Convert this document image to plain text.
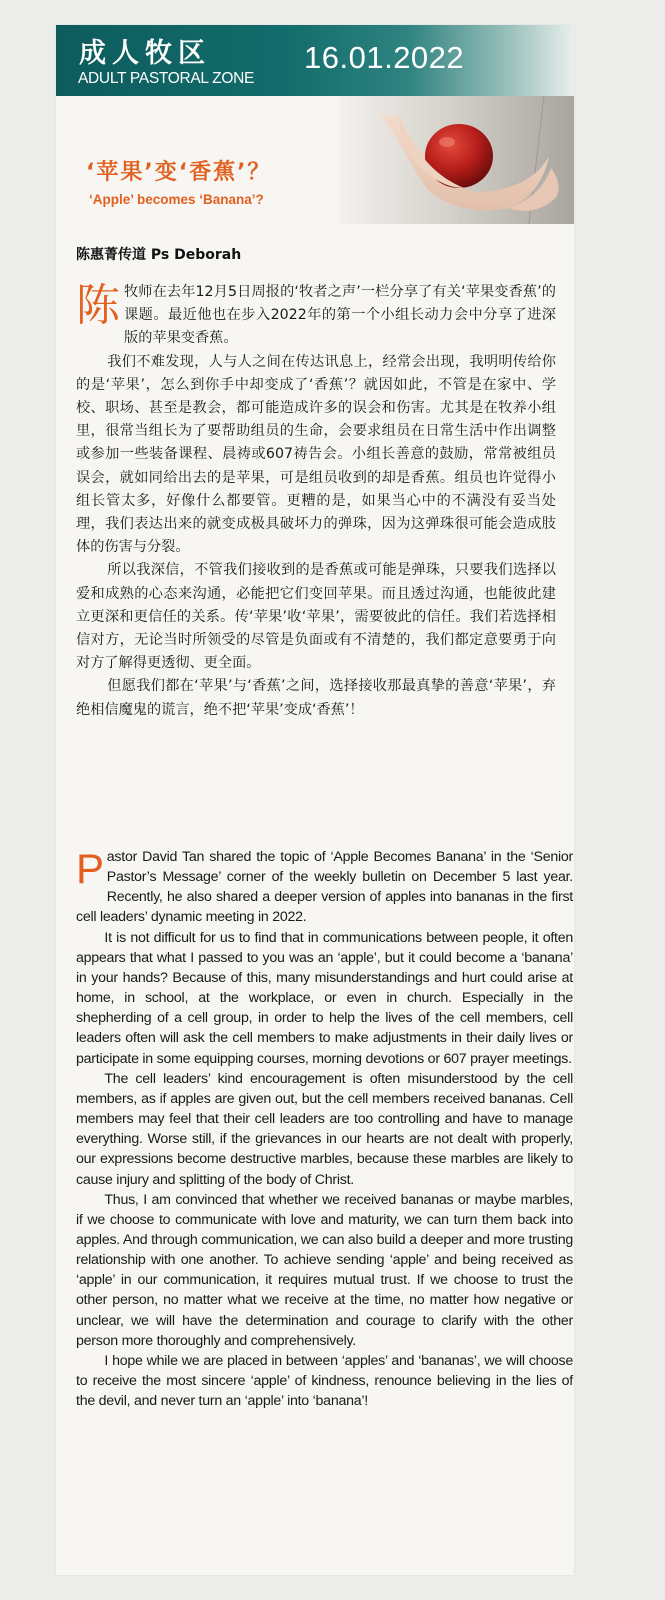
成人牧区
ADULT PASTORAL ZONE
16.01.2022
‘苹果’变‘香蕉’？
‘Apple’ becomes ‘Banana’?
陈惠菁传道 Ps Deborah

陈牧师在去年12月5日周报的‘牧者之声’一栏分享了有关‘苹果变香蕉’的课题。最近他也在步入2022年的第一个小组长动力会中分享了进深版的苹果变香蕉。

我们不难发现，人与人之间在传达讯息上，经常会出现，我明明传给你的是‘苹果’，怎么到你手中却变成了‘香蕉’？就因如此，不管是在家中、学校、职场、甚至是教会，都可能造成许多的误会和伤害。尤其是在牧养小组里，很常当组长为了要帮助组员的生命，会要求组员在日常生活中作出调整或参加一些装备课程、晨祷或607祷告会。小组长善意的鼓励，常常被组员误会，就如同给出去的是苹果，可是组员收到的却是香蕉。组员也许觉得小组长管太多，好像什么都要管。更糟的是，如果当心中的不满没有妥当处理，我们表达出来的就变成极具破坏力的弹珠，因为这弹珠很可能会造成肢体的伤害与分裂。

所以我深信，不管我们接收到的是香蕉或可能是弹珠，只要我们选择以爱和成熟的心态来沟通，必能把它们变回苹果。而且透过沟通，也能彼此建立更深和更信任的关系。传‘苹果’收‘苹果’，需要彼此的信任。我们若选择相信对方，无论当时所领受的尽管是负面或有不清楚的，我们都定意要勇于向对方了解得更透彻、更全面。

但愿我们都在‘苹果’与‘香蕉’之间，选择接收那最真挚的善意‘苹果’，弃绝相信魔鬼的谎言，绝不把‘苹果’变成‘香蕉’！

Pastor David Tan shared the topic of ‘Apple Becomes Banana’ in the ‘Senior Pastor’s Message’ corner of the weekly bulletin on December 5 last year. Recently, he also shared a deeper version of apples into bananas in the first cell leaders’ dynamic meeting in 2022.

It is not difficult for us to find that in communications between people, it often appears that what I passed to you was an ‘apple’, but it could become a ‘banana’ in your hands? Because of this, many misunderstandings and hurt could arise at home, in school, at the workplace, or even in church. Especially in the shepherding of a cell group, in order to help the lives of the cell members, cell leaders often will ask the cell members to make adjustments in their daily lives or participate in some equipping courses, morning devotions or 607 prayer meetings.

The cell leaders’ kind encouragement is often misunderstood by the cell members, as if apples are given out, but the cell members received bananas. Cell members may feel that their cell leaders are too controlling and have to manage everything. Worse still, if the grievances in our hearts are not dealt with properly, our expressions become destructive marbles, because these marbles are likely to cause injury and splitting of the body of Christ.

Thus, I am convinced that whether we received bananas or maybe marbles, if we choose to communicate with love and maturity, we can turn them back into apples. And through communication, we can also build a deeper and more trusting relationship with one another. To achieve sending ‘apple’ and being received as ‘apple’ in our communication, it requires mutual trust. If we choose to trust the other person, no matter what we receive at the time, no matter how negative or unclear, we will have the determination and courage to clarify with the other person more thoroughly and comprehensively.

I hope while we are placed in between ‘apples’ and ‘bananas’, we will choose to receive the most sincere ‘apple’ of kindness, renounce believing in the lies of the devil, and never turn an ‘apple’ into ‘banana’!
